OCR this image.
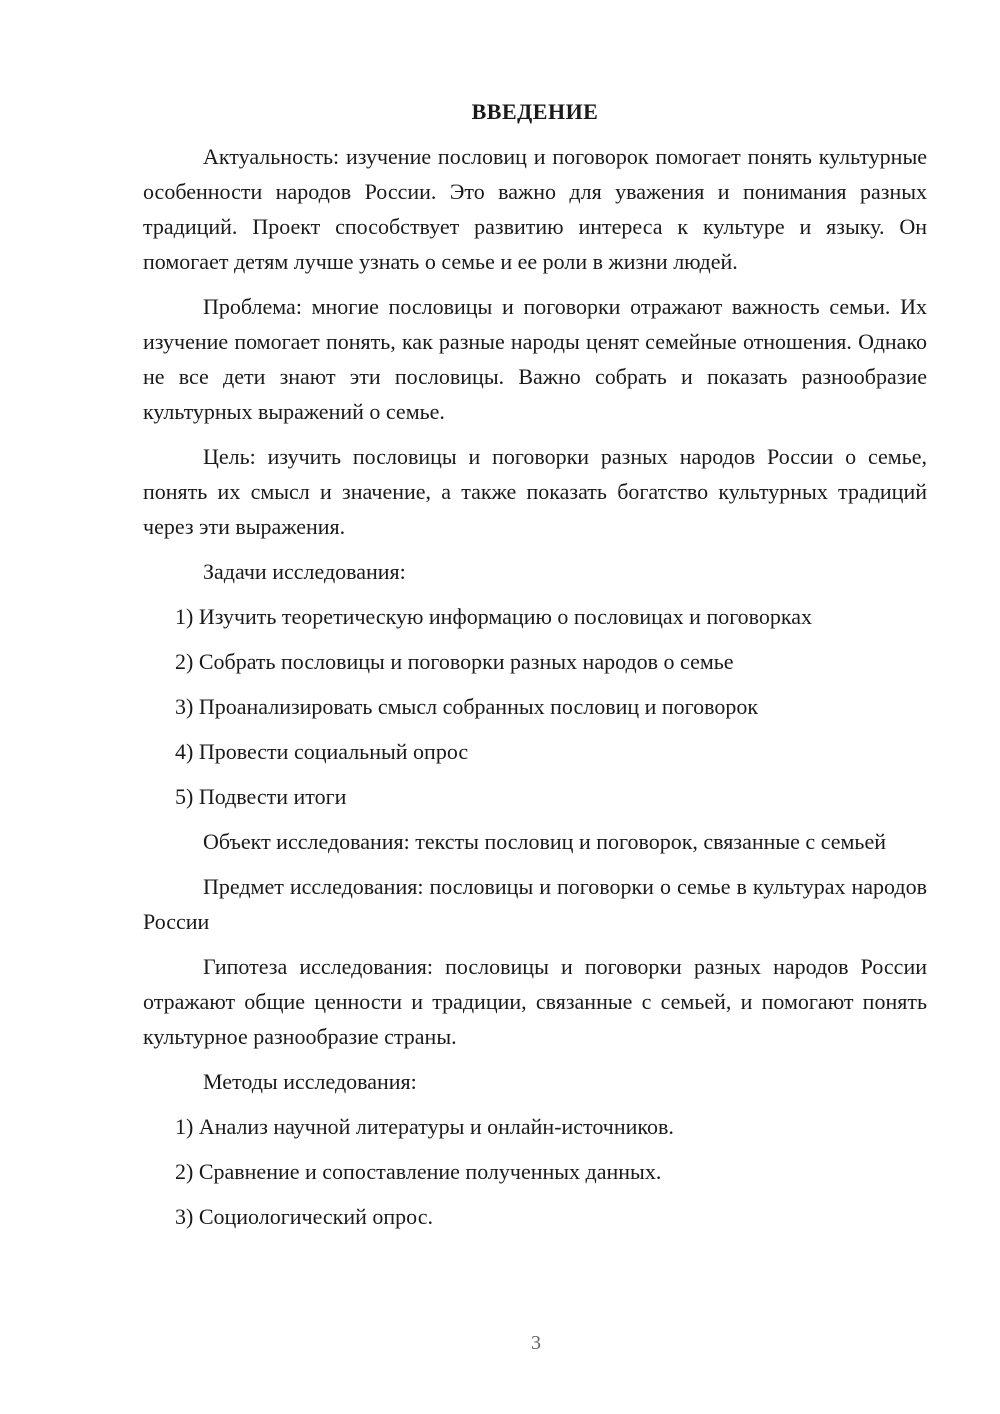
ВВЕДЕНИЕ

Актуальность: изучение пословиц и поговорок помогает понять культурные особенности народов России. Это важно для уважения и понимания разных традиций. Проект способствует развитию интереса к культуре и языку. Он помогает детям лучше узнать о семье и ее роли в жизни людей.

Проблема: многие пословицы и поговорки отражают важность семьи. Их изучение помогает понять, как разные народы ценят семейные отношения. Однако не все дети знают эти пословицы. Важно собрать и показать разнообразие культурных выражений о семье.

Цель: изучить пословицы и поговорки разных народов России о семье, понять их смысл и значение, а также показать богатство культурных традиций через эти выражения.

Задачи исследования:

1) Изучить теоретическую информацию о пословицах и поговорках
2) Собрать пословицы и поговорки разных народов о семье
3) Проанализировать смысл собранных пословиц и поговорок
4) Провести социальный опрос
5) Подвести итоги

Объект исследования: тексты пословиц и поговорок, связанные с семьей

Предмет исследования: пословицы и поговорки о семье в культурах народов России

Гипотеза исследования: пословицы и поговорки разных народов России отражают общие ценности и традиции, связанные с семьей, и помогают понять культурное разнообразие страны.

Методы исследования:

1) Анализ научной литературы и онлайн-источников.
2) Сравнение и сопоставление полученных данных.
3) Социологический опрос.
3
